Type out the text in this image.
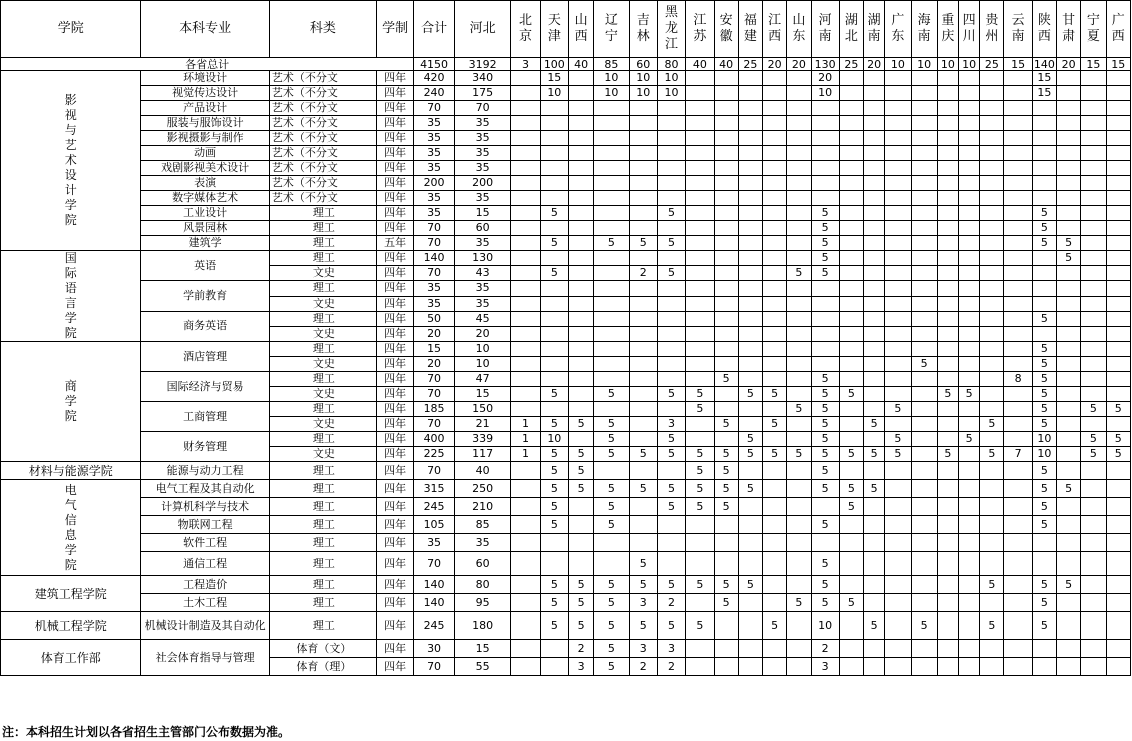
学院	本科专业	科类	学制	合计	河北	北京	天津	山西	辽宁	吉林	黑龙江	江苏	安徽	福建	江西	山东	河南	湖北	湖南	广东	海南	重庆	四川	贵州	云南	陕西	甘肃	宁夏	广西
各省总计				4150	3192	3	100	40	85	60	80	40	40	25	20	20	130	25	20	10	10	10	10	25	15	140	20	15	15
影视与艺术设计学院	环境设计	艺术（不分文	四年	420	340		15		10	10	10						20									15			
	视觉传达设计	艺术（不分文	四年	240	175		10		10	10	10						10									15			
	产品设计	艺术（不分文	四年	70	70																								
	服装与服饰设计	艺术（不分文	四年	35	35																								
	影视摄影与制作	艺术（不分文	四年	35	35																								
	动画	艺术（不分文	四年	35	35																								
	戏剧影视美术设计	艺术（不分文	四年	35	35																								
	表演	艺术（不分文	四年	200	200																								
	数字媒体艺术	艺术（不分文	四年	35	35																								
	工业设计	理工	四年	35	15		5				5						5									5			
	风景园林	理工	四年	70	60												5									5			
	建筑学	理工	五年	70	35		5		5	5	5						5									5	5		
国际语言学院	英语	理工	四年	140	130												5										5		
		文史	四年	70	43		5			2	5					5	5												
	学前教育	理工	四年	35	35																								
		文史	四年	35	35																								
	商务英语	理工	四年	50	45																					5			
		文史	四年	20	20																								
商学院	酒店管理	理工	四年	15	10																					5			
		文史	四年	20	10																5					5			
	国际经济与贸易	理工	四年	70	47								5				5								8	5			
		文史	四年	70	15		5		5		5	5		5	5		5	5				5	5			5			
	工商管理	理工	四年	185	150							5				5	5			5						5		5	5
		文史	四年	70	21	1	5	5	5		3		5		5		5		5					5		5			
	财务管理	理工	四年	400	339	1	10		5		5			5			5			5			5			10		5	5
		文史	四年	225	117	1	5	5	5	5	5	5	5	5	5	5	5	5	5	5		5		5	7	10		5	5
材料与能源学院	能源与动力工程	理工	四年	70	40		5	5				5	5				5									5			
电气信息学院	电气工程及其自动化	理工	四年	315	250		5	5	5	5	5	5	5	5			5	5	5							5	5		
	计算机科学与技术	理工	四年	245	210		5		5		5	5	5					5								5			
	物联网工程	理工	四年	105	85		5		5								5									5			
	软件工程	理工	四年	35	35																								
	通信工程	理工	四年	70	60					5							5												
建筑工程学院	工程造价	理工	四年	140	80		5	5	5	5	5	5	5	5			5							5		5	5		
	土木工程	理工	四年	140	95		5	5	5	3	2		5			5	5	5								5			
机械工程学院	机械设计制造及其自动化	理工	四年	245	180		5	5	5	5	5	5			5		10		5		5			5		5			
体育工作部	社会体育指导与管理	体育（文）	四年	30	15			2	5	3	3						2												
		体育（理）	四年	70	55			3	5	2	2						3												
注：本科招生计划以各省招生主管部门公布数据为准。
